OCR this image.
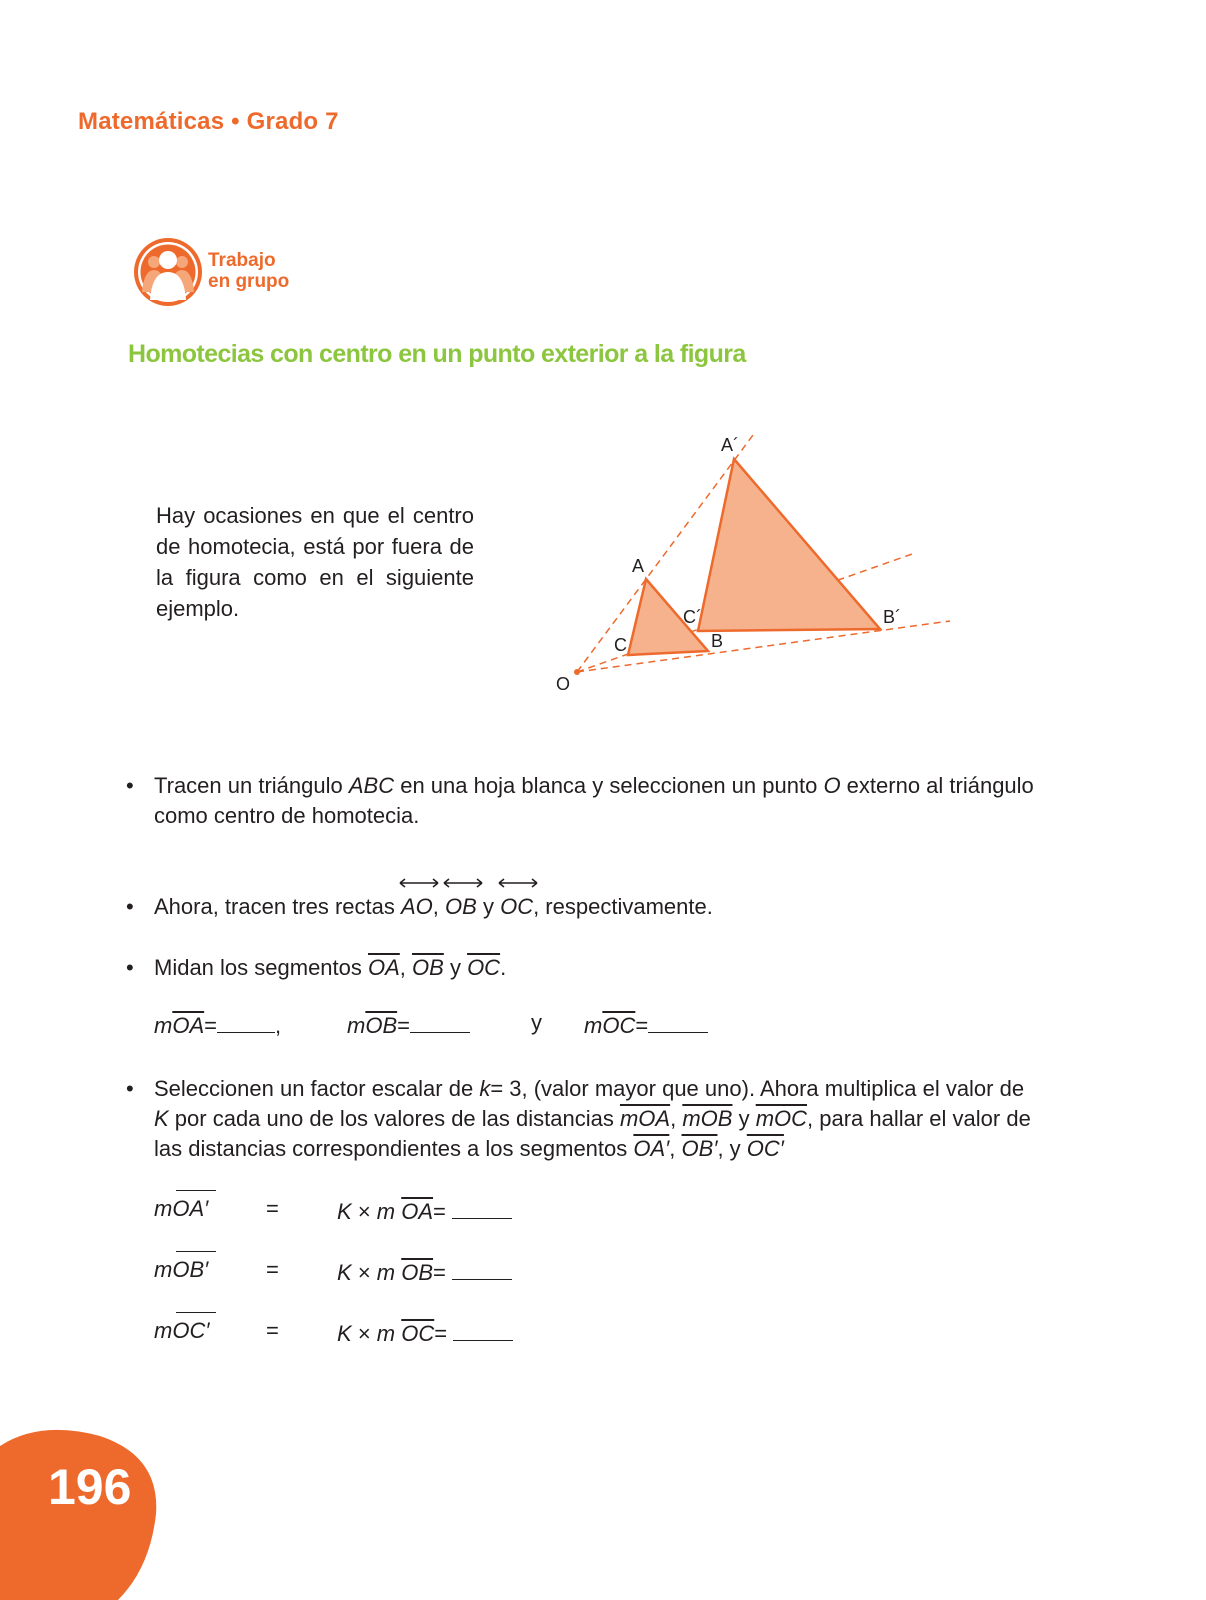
Matemáticas • Grado 7
Trabajo
en grupo
Homotecias con centro en un punto exterior a la figura
Hay ocasiones en que el centro de homotecia, está por fuera de la figura como en el siguiente ejemplo.
O
A
B
C
A´
B´
C´
• Tracen un triángulo ABC en una hoja blanca y seleccionen un punto O externo al triángulo como centro de homotecia.
• Ahora, tracen tres rectas
AO, OB y
OC, respectivamente.
• Midan los segmentos $\overline{OA}$, $\overline{OB}$ y $\overline{OC}$.
$m\overline{OA}=$	,	$m\overline{OB}=$	y $m\overline{OC}=$
• Seleccionen un factor escalar de k= 3, (valor mayor que uno). Ahora multiplica el valor de K por cada uno de los valores de las distancias $\overline{mOA}$, $\overline{mOB}$ y $\overline{mOC}$, para hallar el valor de las distancias correspondientes a los segmentos OA′, OB′, y OC′
mOA′	=	K × m $\overline{OA}=$
mOB′	=	K × m $\overline{OB}=$
mOC′	=	K × m $\overline{OC}=$
196
